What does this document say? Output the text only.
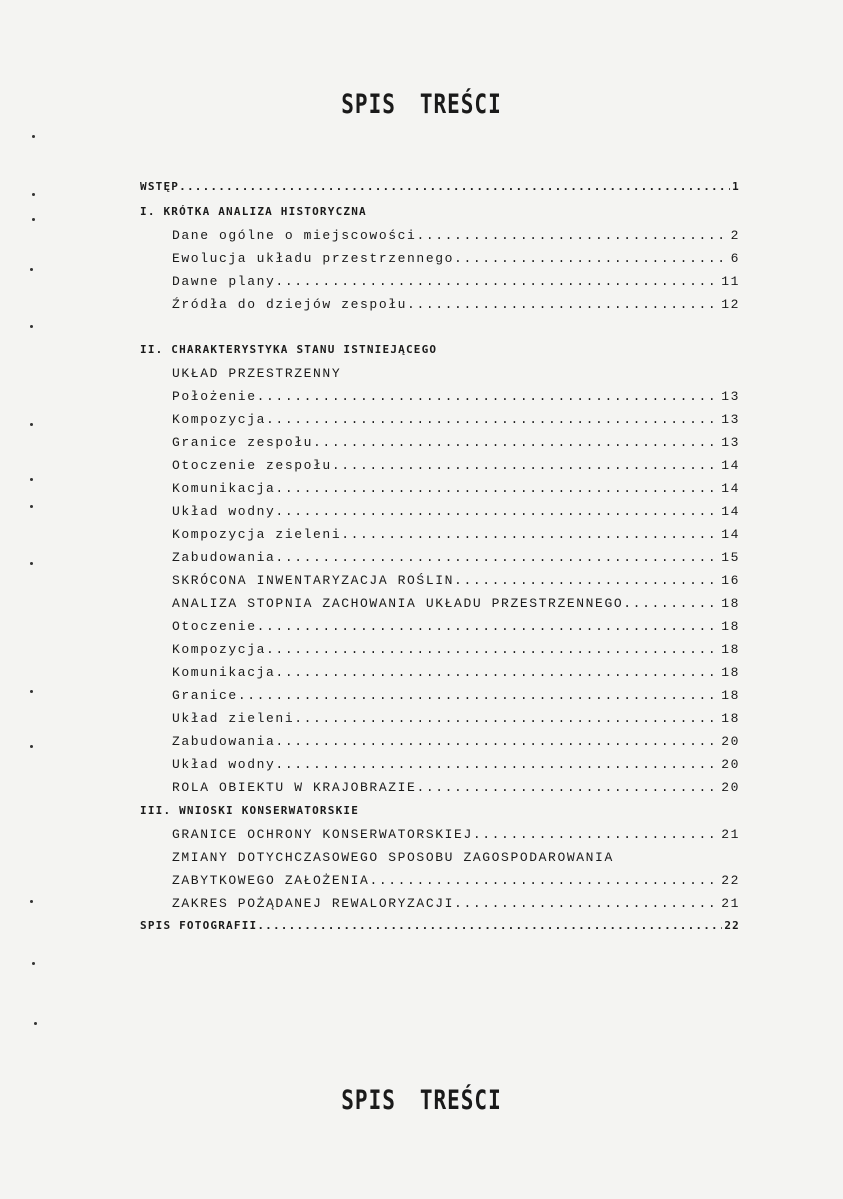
SPIS TREŚCI
WSTĘP .....	1
I. KRÓTKA ANALIZA HISTORYCZNA
Dane ogólne o miejscowości .....	2
Ewolucja układu przestrzennego .....	6
Dawne plany .....	11
Źródła do dziejów zespołu .....	12
II. CHARAKTERYSTYKA STANU ISTNIEJĄCEGO
UKŁAD PRZESTRZENNY
Położenie .....	13
Kompozycja .....	13
Granice zespołu .....	13
Otoczenie zespołu .....	14
Komunikacja .....	14
Układ wodny .....	14
Kompozycja zieleni .....	14
Zabudowania .....	15
SKRÓCONA INWENTARYZACJA ROŚLIN .....	16
ANALIZA STOPNIA ZACHOWANIA UKŁADU PRZESTRZENNEGO .....	18
Otoczenie .....	18
Kompozycja .....	18
Komunikacja .....	18
Granice .....	18
Układ zieleni .....	18
Zabudowania .....	20
Układ wodny .....	20
ROLA OBIEKTU W KRAJOBRAZIE .....	20
III. WNIOSKI KONSERWATORSKIE
GRANICE OCHRONY KONSERWATORSKIEJ .....	21
ZMIANY DOTYCHCZASOWEGO SPOSOBU ZAGOSPODAROWANIA
ZABYTKOWEGO ZAŁOŻENIA .....	22
ZAKRES POŻĄDANEJ REWALORYZACJI .....	21
SPIS FOTOGRAFII .....	22
SPIS TREŚCI
